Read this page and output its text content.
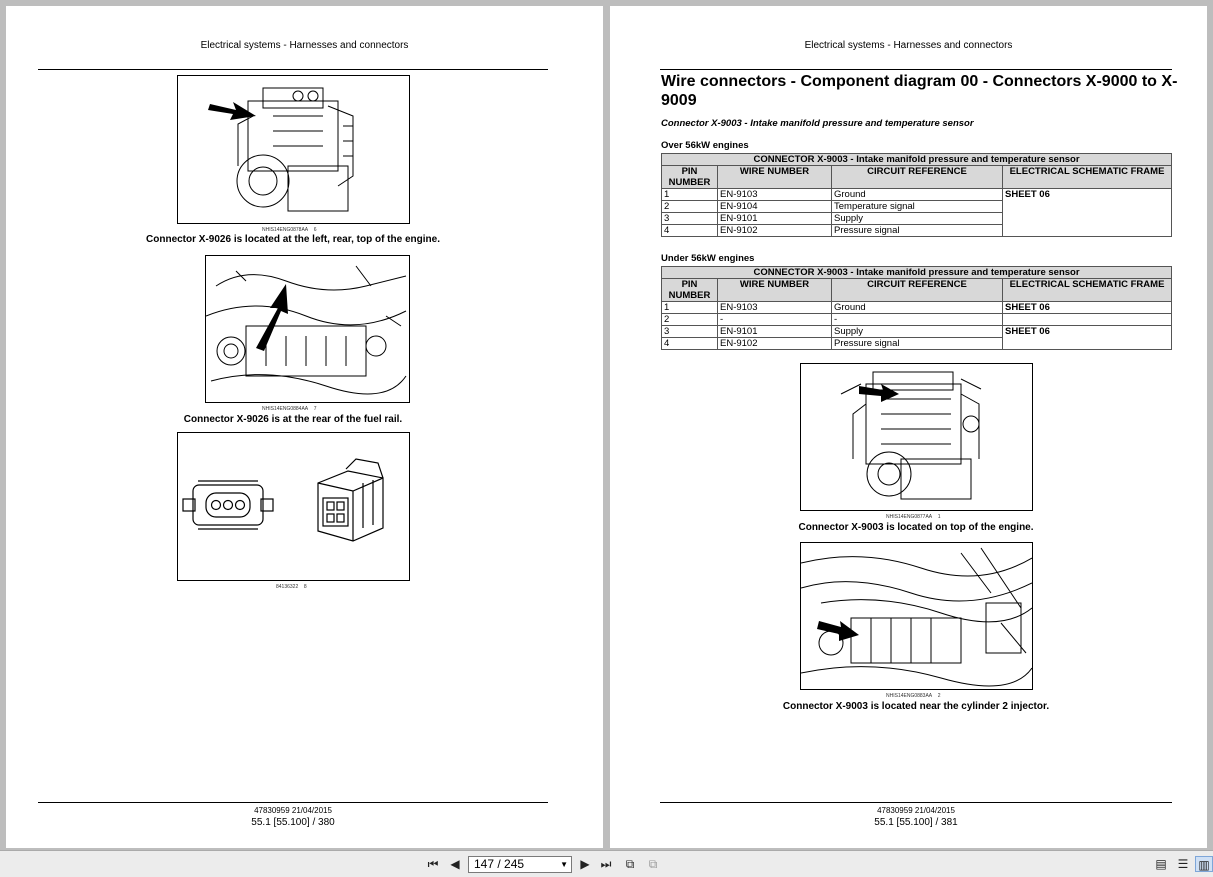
Electrical systems - Harnesses and connectors
NHIS14ENG0878AA 6
Connector X-9026 is located at the left, rear, top of the engine.
NHIS14ENG0884AA 7
Connector X-9026 is at the rear of the fuel rail.
84136322 8
47830959 21/04/2015
55.1 [55.100] / 380
Electrical systems - Harnesses and connectors
Wire connectors - Component diagram 00 - Connectors X-9000 to X-9009
Connector X-9003 - Intake manifold pressure and temperature sensor
Over 56kW engines
CONNECTOR X-9003 - Intake manifold pressure and temperature sensor			
PIN NUMBER	WIRE NUMBER	CIRCUIT REFERENCE	ELECTRICAL SCHEMATIC FRAME
1	EN-9103	Ground	SHEET 06
2	EN-9104	Temperature signal	
3	EN-9101	Supply	
4	EN-9102	Pressure signal	
Under 56kW engines
CONNECTOR X-9003 - Intake manifold pressure and temperature sensor			
PIN NUMBER	WIRE NUMBER	CIRCUIT REFERENCE	ELECTRICAL SCHEMATIC FRAME
1	EN-9103	Ground	SHEET 06
2	-	-	
3	EN-9101	Supply	SHEET 06
4	EN-9102	Pressure signal	
NHIS14ENG0877AA 1
Connector X-9003 is located on top of the engine.
NHIS14ENG0883AA 2
Connector X-9003 is located near the cylinder 2 injector.
47830959 21/04/2015
55.1 [55.100] / 381
⏮ ◀	147 / 245	▼	▶ ⏭	⧉	⧉	▤ ☰ ▥
